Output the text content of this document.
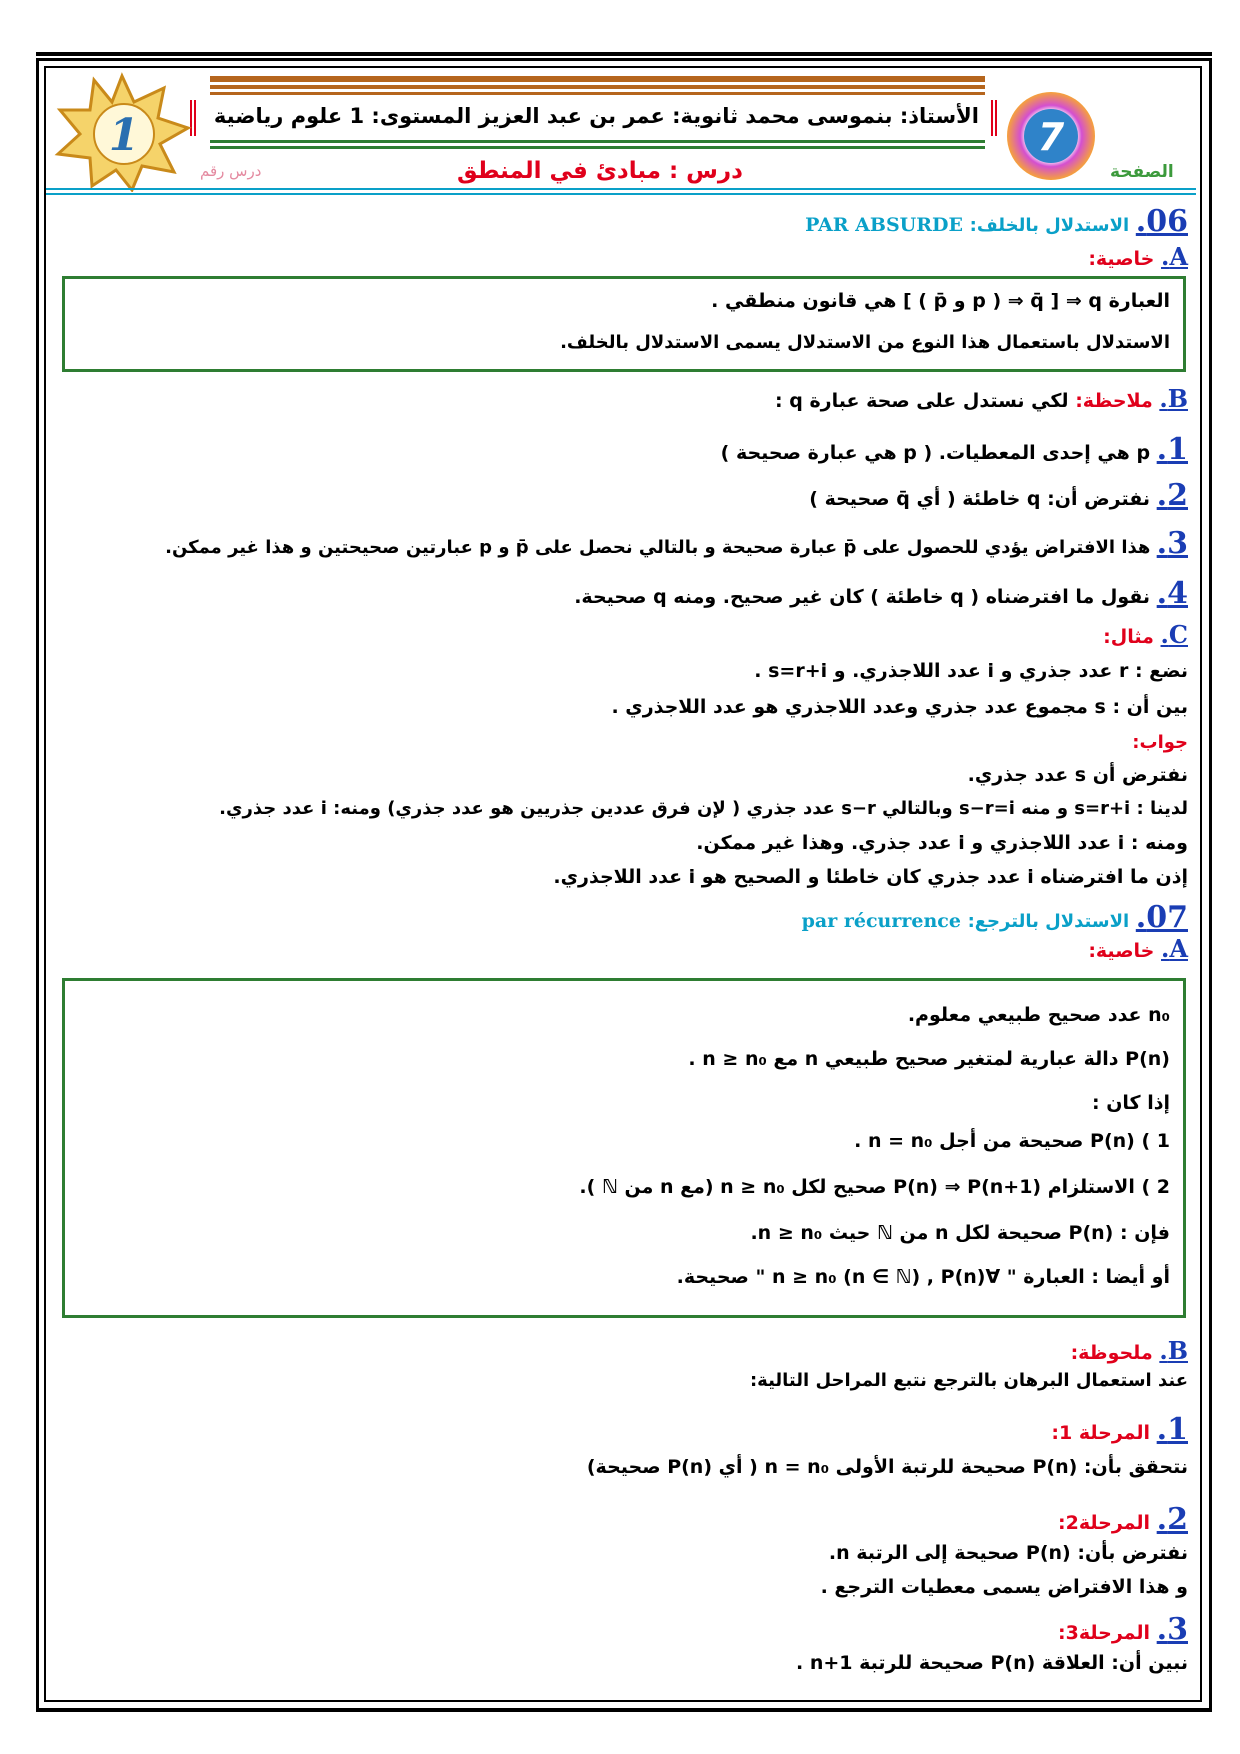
الأستاذ: بنموسى محمد ثانوية: عمر بن عبد العزيز المستوى: 1 علوم رياضية
1	7
الصفحة
درس رقم	درس : مبادئ في المنطق
06. الاستدلال بالخلف: PAR ABSURDE
A. خاصية:
العبارة q ⇒ [ q̄ ⇒ ( p و p̄ ) ] هي قانون منطقي .
الاستدلال باستعمال هذا النوع من الاستدلال يسمى الاستدلال بالخلف.
B. ملاحظة: لكي نستدل على صحة عبارة q :
1. p هي إحدى المعطيات. ( p هي عبارة صحيحة )
2. نفترض أن: q خاطئة ( أي q̄ صحيحة )
3. هذا الافتراض يؤدي للحصول على p̄ عبارة صحيحة و بالتالي نحصل على p̄ و p عبارتين صحيحتين و هذا غير ممكن.
4. نقول ما افترضناه ( q خاطئة ) كان غير صحيح. ومنه q صحيحة.
C. مثال:
نضع : r عدد جذري و i عدد اللاجذري. و s=r+i .
بين أن : s مجموع عدد جذري وعدد اللاجذري هو عدد اللاجذري .
جواب:
نفترض أن s عدد جذري.
لدينا : s=r+i و منه s−r=i وبالتالي s−r عدد جذري ( لإن فرق عددين جذريين هو عدد جذري) ومنه: i عدد جذري.
ومنه : i عدد اللاجذري و i عدد جذري. وهذا غير ممكن.
إذن ما افترضناه i عدد جذري كان خاطئا و الصحيح هو i عدد اللاجذري.
07. الاستدلال بالترجع: par récurrence
A. خاصية:
n₀ عدد صحيح طبيعي معلوم.
P(n) دالة عبارية لمتغير صحيح طبيعي n مع n ≥ n₀ .
إذا كان :
1 ) P(n) صحيحة من أجل n = n₀ .
2 ) الاستلزام P(n) ⇒ P(n+1) صحيح لكل n ≥ n₀ (مع n من ℕ ).
فإن : P(n) صحيحة لكل n من ℕ حيث n ≥ n₀.
أو أيضا : العبارة " ∀n ≥ n₀ (n ∈ ℕ) , P(n) " صحيحة.
B. ملحوظة:
عند استعمال البرهان بالترجع نتبع المراحل التالية:
1. المرحلة 1:
نتحقق بأن: P(n) صحيحة للرتبة الأولى n = n₀ ( أي P(n) صحيحة)
2. المرحلة2:
نفترض بأن: P(n) صحيحة إلى الرتبة n.
و هذا الافتراض يسمى معطيات الترجع .
3. المرحلة3:
نبين أن: العلاقة P(n) صحيحة للرتبة n+1 .
